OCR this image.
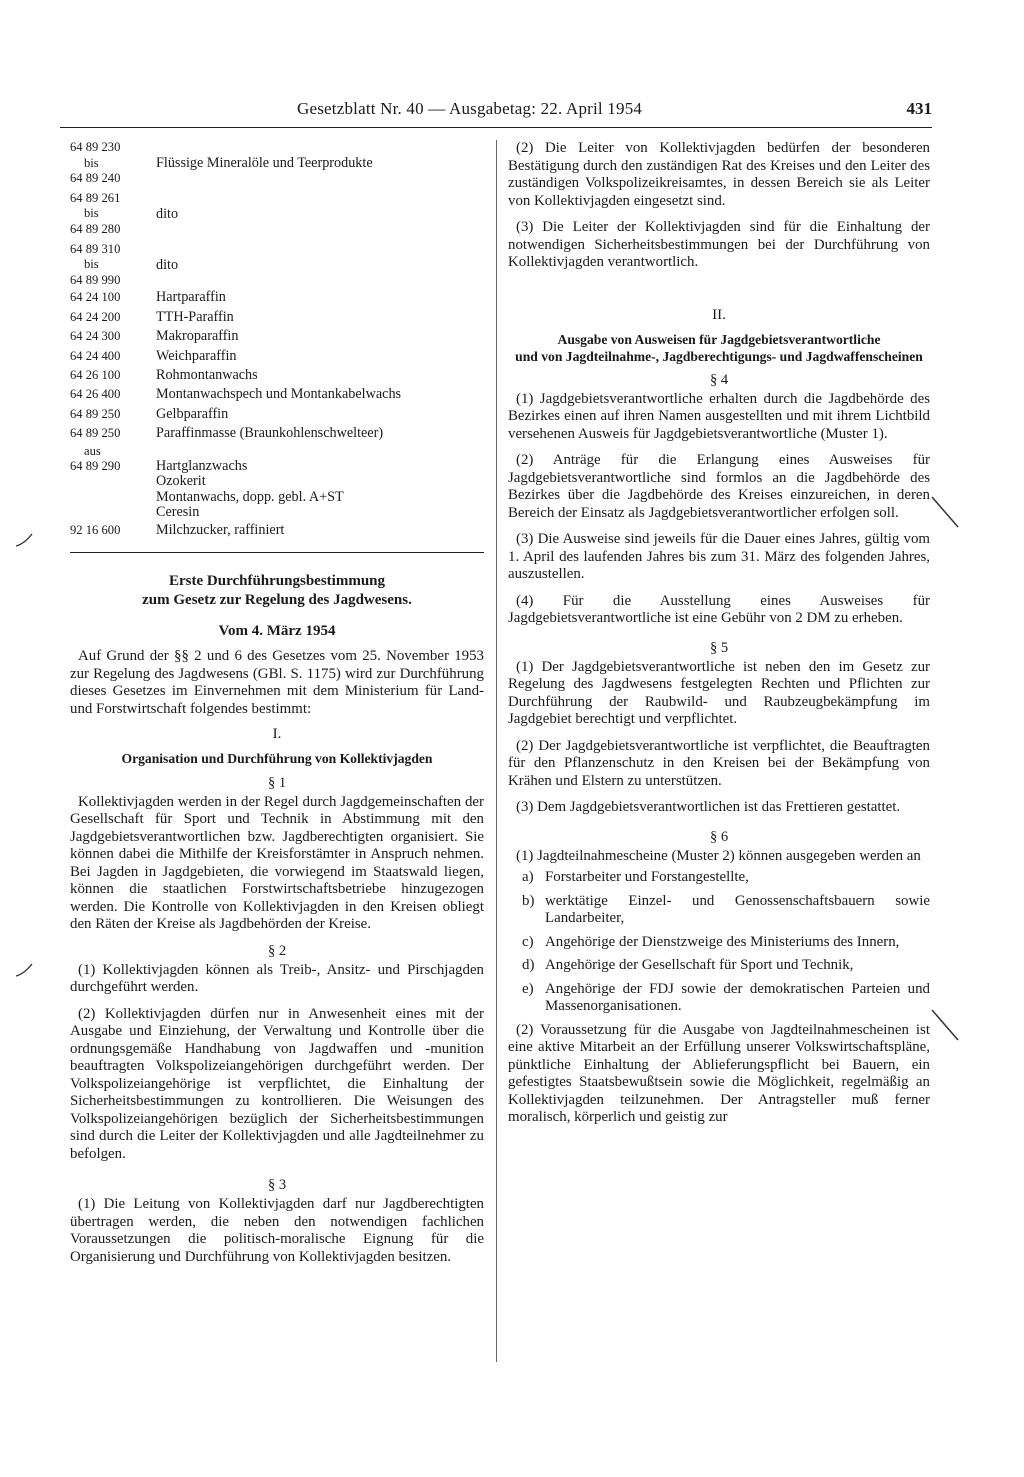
Gesetzblatt Nr. 40 — Ausgabetag: 22. April 1954	431
64 89 230
bis
64 89 240	Flüssige Mineralöle und Teerprodukte

64 89 261
bis
64 89 280	dito

64 89 310
bis
64 89 990	dito
64 24 100	Hartparaffin
64 24 200	TTH-Paraffin
64 24 300	Makroparaffin
64 24 400	Weichparaffin
64 26 100	Rohmontanwachs
64 26 400	Montanwachspech und Montankabelwachs
64 89 250	Gelbparaffin
64 89 250	Paraffinmasse (Braunkohlenschwelteer)
aus
64 89 290	Hartglanzwachs
Ozokerit
Montanwachs, dopp. gebl. A+ST
Ceresin
92 16 600	Milchzucker, raffiniert
Erste Durchführungsbestimmung
zum Gesetz zur Regelung des Jagdwesens.
Vom 4. März 1954

Auf Grund der §§ 2 und 6 des Gesetzes vom 25. November 1953 zur Regelung des Jagdwesens (GBl. S. 1175) wird zur Durchführung dieses Gesetzes im Einvernehmen mit dem Ministerium für Land- und Forstwirtschaft folgendes bestimmt:

I.
Organisation und Durchführung von Kollektivjagden
§ 1

Kollektivjagden werden in der Regel durch Jagdgemeinschaften der Gesellschaft für Sport und Technik in Abstimmung mit den Jagdgebietsverantwortlichen bzw. Jagdberechtigten organisiert. Sie können dabei die Mithilfe der Kreisforstämter in Anspruch nehmen. Bei Jagden in Jagdgebieten, die vorwiegend im Staatswald liegen, können die staatlichen Forstwirtschaftsbetriebe hinzugezogen werden. Die Kontrolle von Kollektivjagden in den Kreisen obliegt den Räten der Kreise als Jagdbehörden der Kreise.

§ 2

(1) Kollektivjagden können als Treib-, Ansitz- und Pirschjagden durchgeführt werden.

(2) Kollektivjagden dürfen nur in Anwesenheit eines mit der Ausgabe und Einziehung, der Verwaltung und Kontrolle über die ordnungsgemäße Handhabung von Jagdwaffen und -munition beauftragten Volkspolizeiangehörigen durchgeführt werden. Der Volkspolizeiangehörige ist verpflichtet, die Einhaltung der Sicherheitsbestimmungen zu kontrollieren. Die Weisungen des Volkspolizeiangehörigen bezüglich der Sicherheitsbestimmungen sind durch die Leiter der Kollektivjagden und alle Jagdteilnehmer zu befolgen.

§ 3

(1) Die Leitung von Kollektivjagden darf nur Jagdberechtigten übertragen werden, die neben den notwendigen fachlichen Voraussetzungen die politisch-moralische Eignung für die Organisierung und Durchführung von Kollektivjagden besitzen.

(2) Die Leiter von Kollektivjagden bedürfen der besonderen Bestätigung durch den zuständigen Rat des Kreises und den Leiter des zuständigen Volkspolizeikreisamtes, in dessen Bereich sie als Leiter von Kollektivjagden eingesetzt sind.

(3) Die Leiter der Kollektivjagden sind für die Einhaltung der notwendigen Sicherheitsbestimmungen bei der Durchführung von Kollektivjagden verantwortlich.

II.
Ausgabe von Ausweisen für Jagdgebietsverantwortliche
und von Jagdteilnahme-, Jagdberechtigungs- und Jagdwaffenscheinen
§ 4

(1) Jagdgebietsverantwortliche erhalten durch die Jagdbehörde des Bezirkes einen auf ihren Namen ausgestellten und mit ihrem Lichtbild versehenen Ausweis für Jagdgebietsverantwortliche (Muster 1).

(2) Anträge für die Erlangung eines Ausweises für Jagdgebietsverantwortliche sind formlos an die Jagdbehörde des Bezirkes über die Jagdbehörde des Kreises einzureichen, in deren Bereich der Einsatz als Jagdgebietsverantwortlicher erfolgen soll.

(3) Die Ausweise sind jeweils für die Dauer eines Jahres, gültig vom 1. April des laufenden Jahres bis zum 31. März des folgenden Jahres, auszustellen.

(4) Für die Ausstellung eines Ausweises für Jagdgebietsverantwortliche ist eine Gebühr von 2 DM zu erheben.

§ 5

(1) Der Jagdgebietsverantwortliche ist neben den im Gesetz zur Regelung des Jagdwesens festgelegten Rechten und Pflichten zur Durchführung der Raubwild- und Raubzeugbekämpfung im Jagdgebiet berechtigt und verpflichtet.

(2) Der Jagdgebietsverantwortliche ist verpflichtet, die Beauftragten für den Pflanzenschutz in den Kreisen bei der Bekämpfung von Krähen und Elstern zu unterstützen.

(3) Dem Jagdgebietsverantwortlichen ist das Frettieren gestattet.

§ 6

(1) Jagdteilnahmescheine (Muster 2) können ausgegeben werden an

a) Forstarbeiter und Forstangestellte,
b) werktätige Einzel- und Genossenschaftsbauern sowie Landarbeiter,
c) Angehörige der Dienstzweige des Ministeriums des Innern,
d) Angehörige der Gesellschaft für Sport und Technik,
e) Angehörige der FDJ sowie der demokratischen Parteien und Massenorganisationen.

(2) Voraussetzung für die Ausgabe von Jagdteilnahmescheinen ist eine aktive Mitarbeit an der Erfüllung unserer Volkswirtschaftspläne, pünktliche Einhaltung der Ablieferungspflicht bei Bauern, ein gefestigtes Staatsbewußtsein sowie die Möglichkeit, regelmäßig an Kollektivjagden teilzunehmen. Der Antragsteller muß ferner moralisch, körperlich und geistig zur
